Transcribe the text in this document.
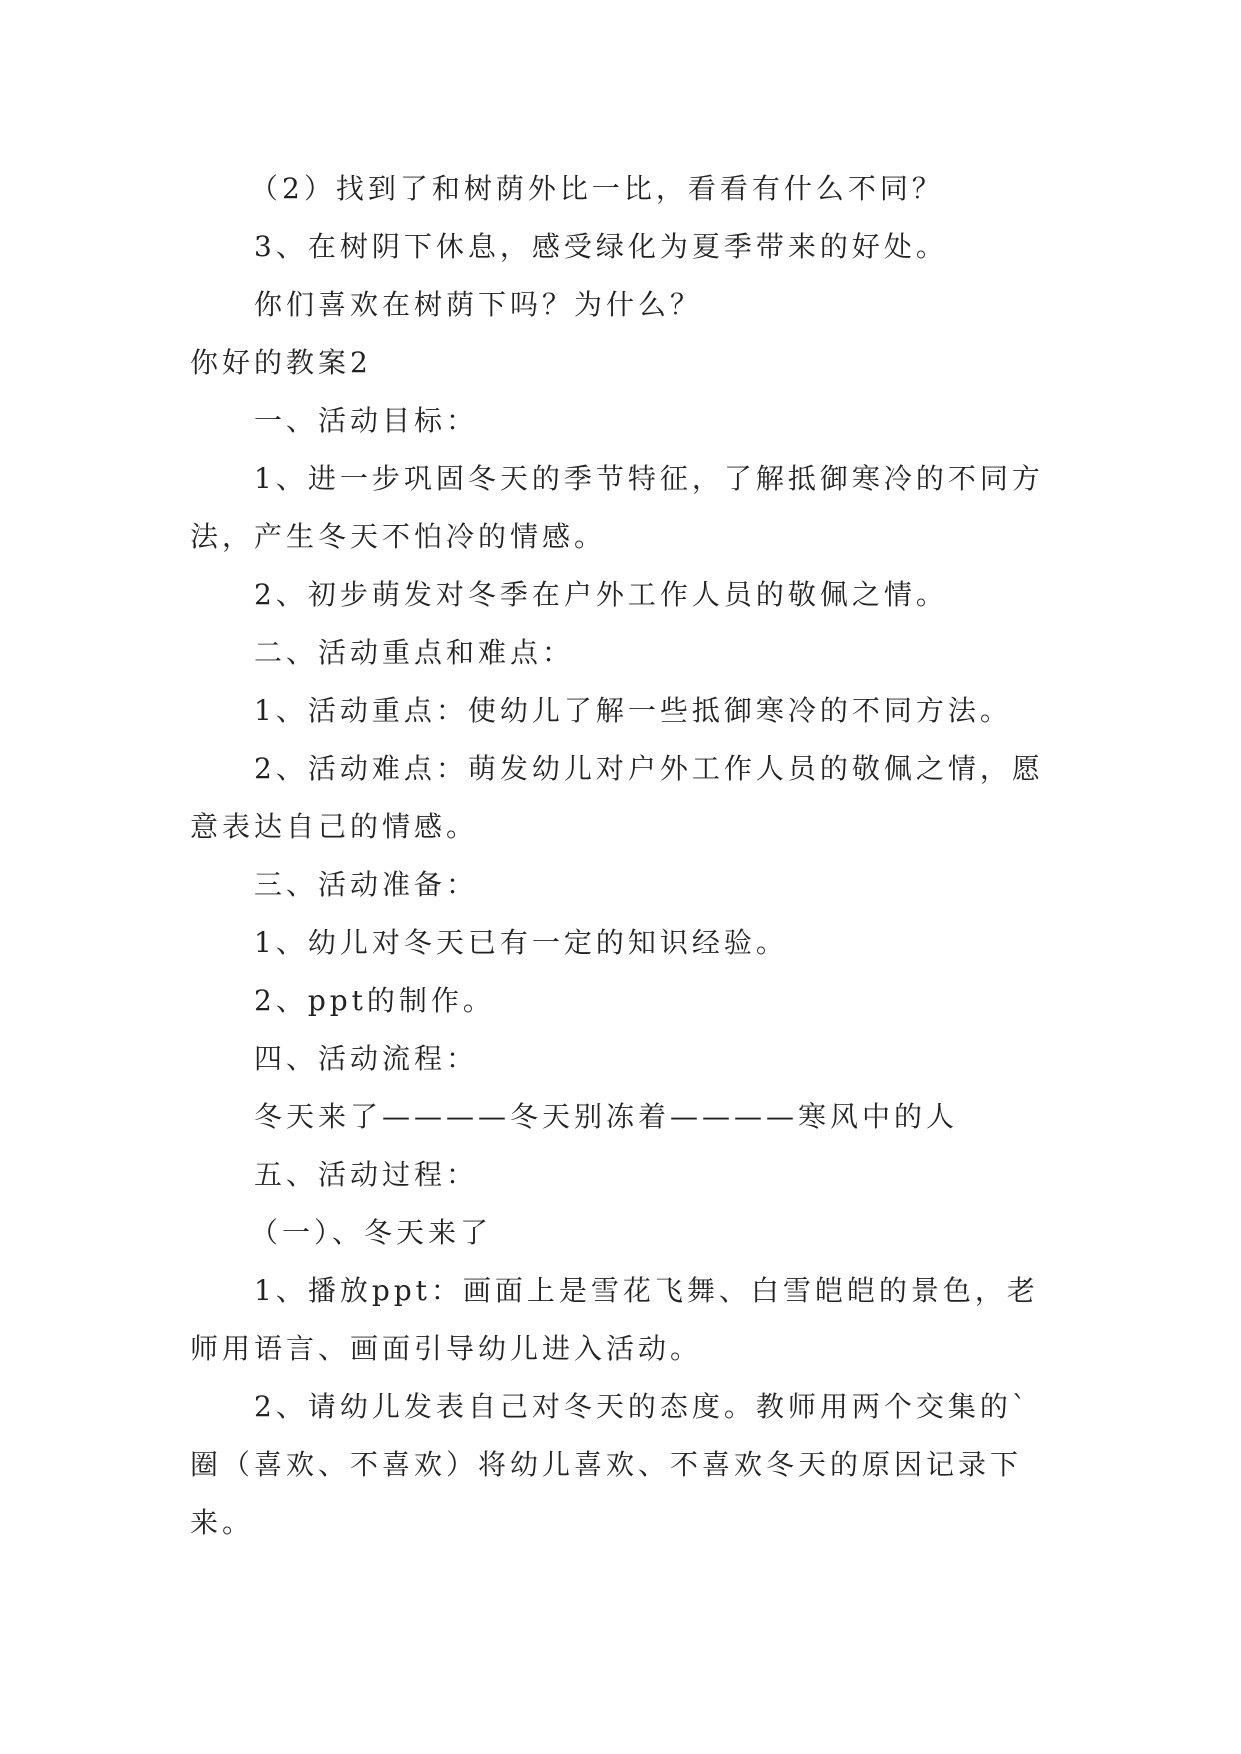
（2）找到了和树荫外比一比，看看有什么不同？

3、在树阴下休息，感受绿化为夏季带来的好处。

你们喜欢在树荫下吗？为什么？

你好的教案2

一、活动目标：

1、进一步巩固冬天的季节特征，了解抵御寒冷的不同方法，产生冬天不怕冷的情感。

2、初步萌发对冬季在户外工作人员的敬佩之情。

二、活动重点和难点：

1、活动重点：使幼儿了解一些抵御寒冷的不同方法。

2、活动难点：萌发幼儿对户外工作人员的敬佩之情，愿意表达自己的情感。

三、活动准备：

1、幼儿对冬天已有一定的知识经验。

2、ppt的制作。

四、活动流程：

冬天来了————冬天别冻着————寒风中的人

五、活动过程：

（一）、冬天来了

1、播放ppt：画面上是雪花飞舞、白雪皑皑的景色，老师用语言、画面引导幼儿进入活动。

2、请幼儿发表自己对冬天的态度。教师用两个交集的`圈（喜欢、不喜欢）将幼儿喜欢、不喜欢冬天的原因记录下来。
